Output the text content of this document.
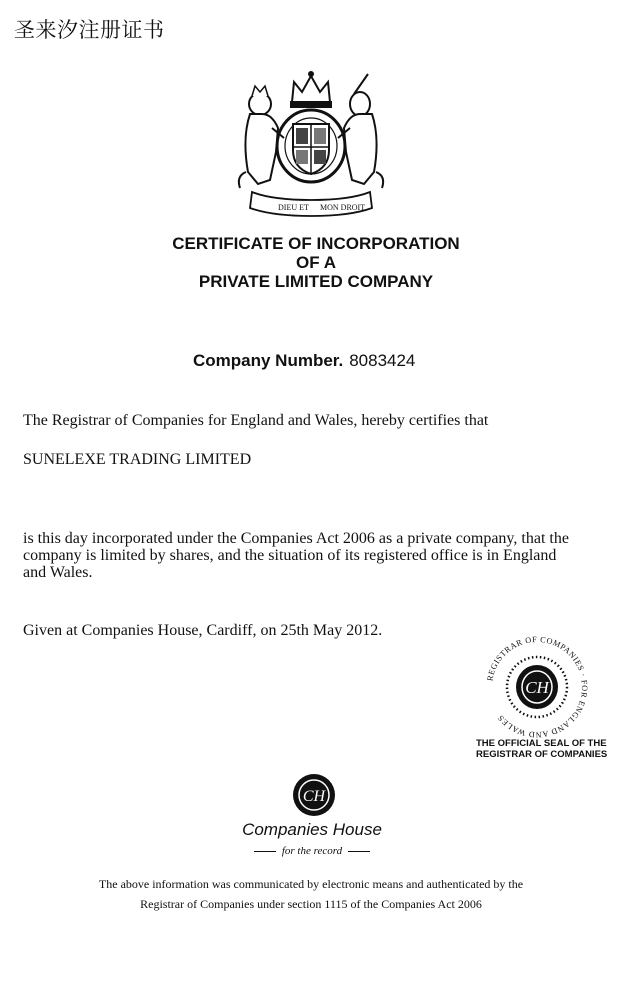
圣来汐注册证书
DIEU ET MON DROIT
CERTIFICATE OF INCORPORATION
OF A
PRIVATE LIMITED COMPANY
Company Number. 8083424
The Registrar of Companies for England and Wales, hereby certifies that
SUNELEXE TRADING LIMITED
is this day incorporated under the Companies Act 2006 as a private company, that the
company is limited by shares, and the situation of its registered office is in England
and Wales.
Given at Companies House, Cardiff, on 25th May 2012.
REGISTRAR OF COMPANIES · FOR ENGLAND AND WALES
CH
THE OFFICIAL SEAL OF THE
REGISTRAR OF COMPANIES
CH
Companies House
for the record
The above information was communicated by electronic means and authenticated by the
Registrar of Companies under section 1115 of the Companies Act 2006
